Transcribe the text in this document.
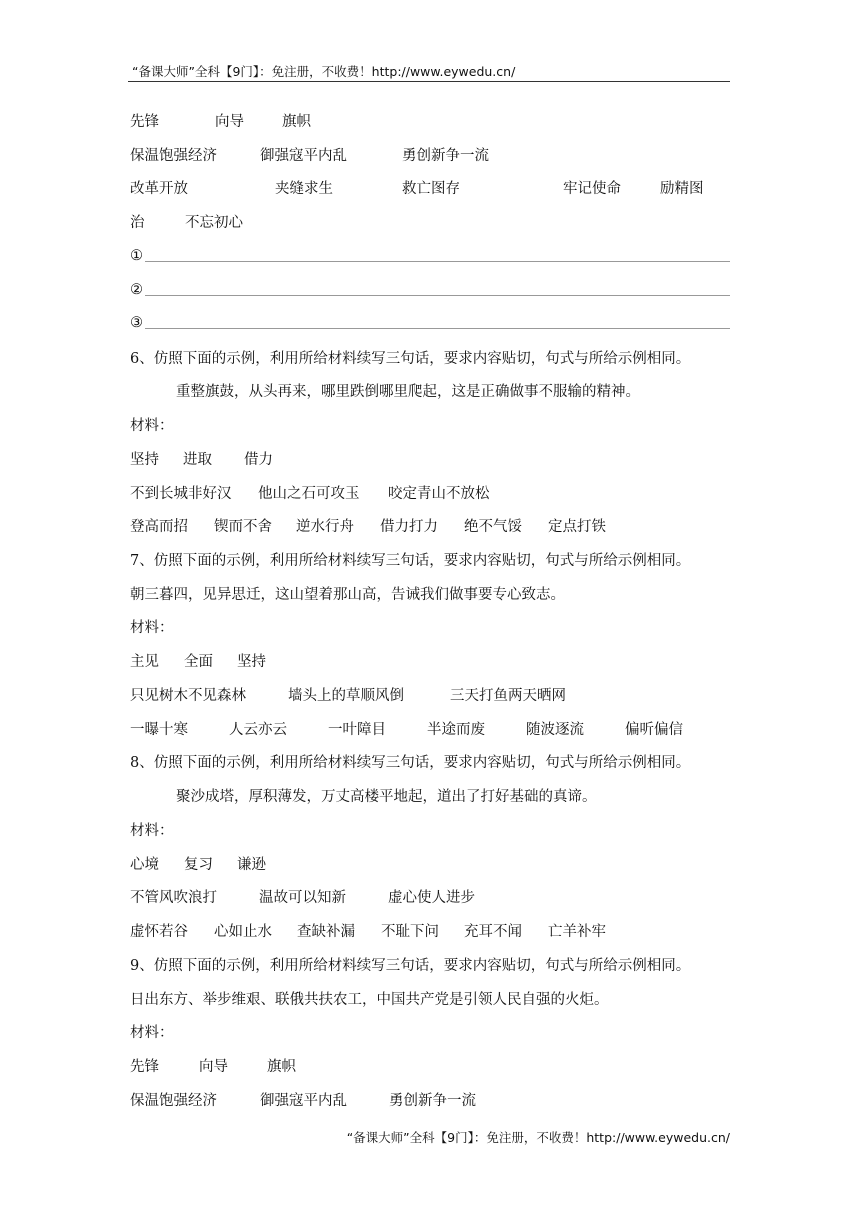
“备课大师”全科【9门】：免注册，不收费！http://www.eywedu.cn/
先锋	向导	旗帜
保温饱强经济	御强寇平内乱	勇创新争一流
改革开放	夹缝求生	救亡图存	牢记使命	励精图
治	不忘初心
①
②
③
6、仿照下面的示例，利用所给材料续写三句话，要求内容贴切，句式与所给示例相同。
重整旗鼓，从头再来，哪里跌倒哪里爬起，这是正确做事不服输的精神。
材料：
坚持 进取 借力
不到长城非好汉 他山之石可攻玉 咬定青山不放松
登高而招 锲而不舍 逆水行舟 借力打力 绝不气馁 定点打铁
7、仿照下面的示例，利用所给材料续写三句话，要求内容贴切，句式与所给示例相同。
朝三暮四，见异思迁，这山望着那山高，告诫我们做事要专心致志。
材料：
主见 全面 坚持
只见树木不见森林	墙头上的草顺风倒	三天打鱼两天晒网
一曝十寒	人云亦云	一叶障目	半途而废	随波逐流	偏听偏信
8、仿照下面的示例，利用所给材料续写三句话，要求内容贴切，句式与所给示例相同。
聚沙成塔，厚积薄发，万丈高楼平地起，道出了打好基础的真谛。
材料：
心境 复习 谦逊
不管风吹浪打	温故可以知新	虚心使人进步
虚怀若谷 心如止水 查缺补漏 不耻下问 充耳不闻 亡羊补牢
9、仿照下面的示例，利用所给材料续写三句话，要求内容贴切，句式与所给示例相同。
日出东方、举步维艰、联俄共扶农工，中国共产党是引领人民自强的火炬。
材料：
先锋	向导	旗帜
保温饱强经济	御强寇平内乱	勇创新争一流
“备课大师”全科【9门】：免注册，不收费！http://www.eywedu.cn/
